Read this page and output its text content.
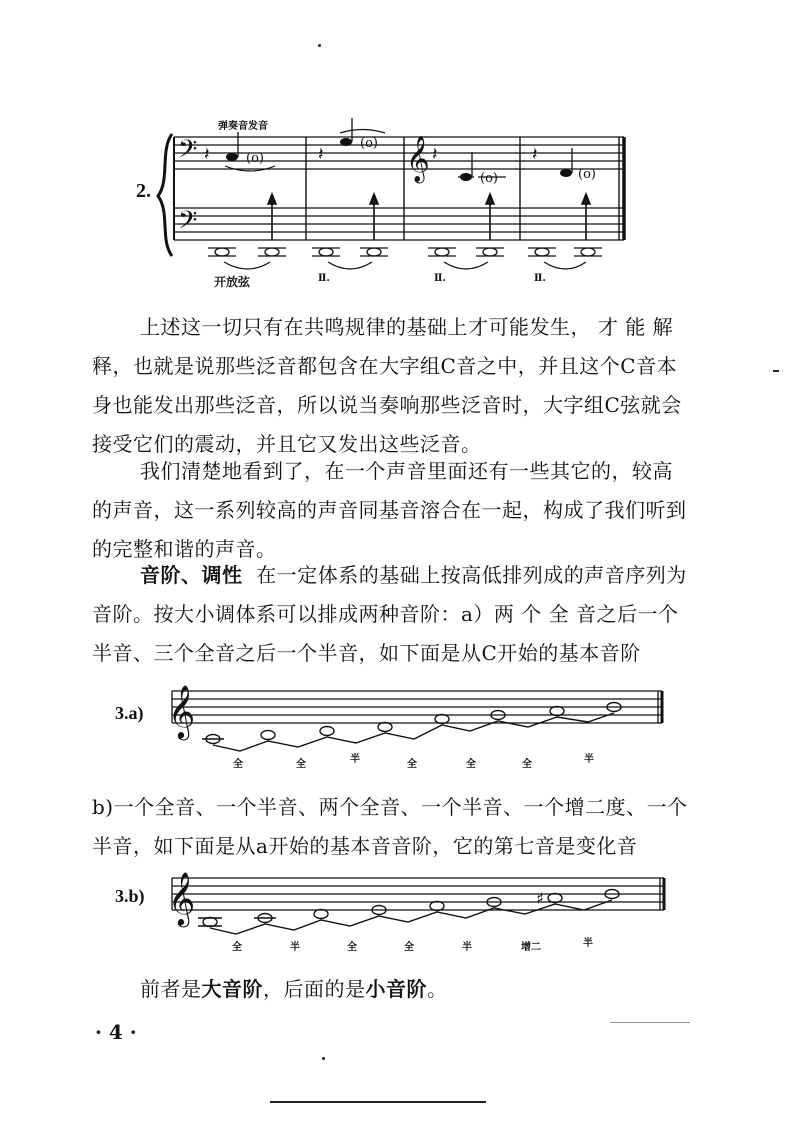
弹奏音发音
2.
𝄢
𝄢
𝄞
𝄽	𝄽	𝄽	𝄽
(o)
(o)
(o)	(o)
开放弦	Ⅱ.	Ⅱ.	Ⅱ.

上述这一切只有在共鸣规律的基础上才可能发生， 才 能 解释，也就是说那些泛音都包含在大字组C音之中，并且这个C音本身也能发出那些泛音，所以说当奏响那些泛音时，大字组C弦就会接受它们的震动，并且它又发出这些泛音。

我们清楚地看到了，在一个声音里面还有一些其它的，较高的声音，这一系列较高的声音同基音溶合在一起，构成了我们听到的完整和谐的声音。

音阶、调性 在一定体系的基础上按高低排列成的声音序列为音阶。按大小调体系可以排成两种音阶：a）两 个 全 音之后一个半音、三个全音之后一个半音，如下面是从C开始的基本音阶

3.a) 𝄞
全	全	半	全	全	全	半

b)一个全音、一个半音、两个全音、一个半音、一个增二度、一个半音，如下面是从a开始的基本音音阶，它的第七音是变化音

3.b) 𝄞	♯
全	半	全	全	半	增二	半

前者是大音阶，后面的是小音阶。

· 4 ·
